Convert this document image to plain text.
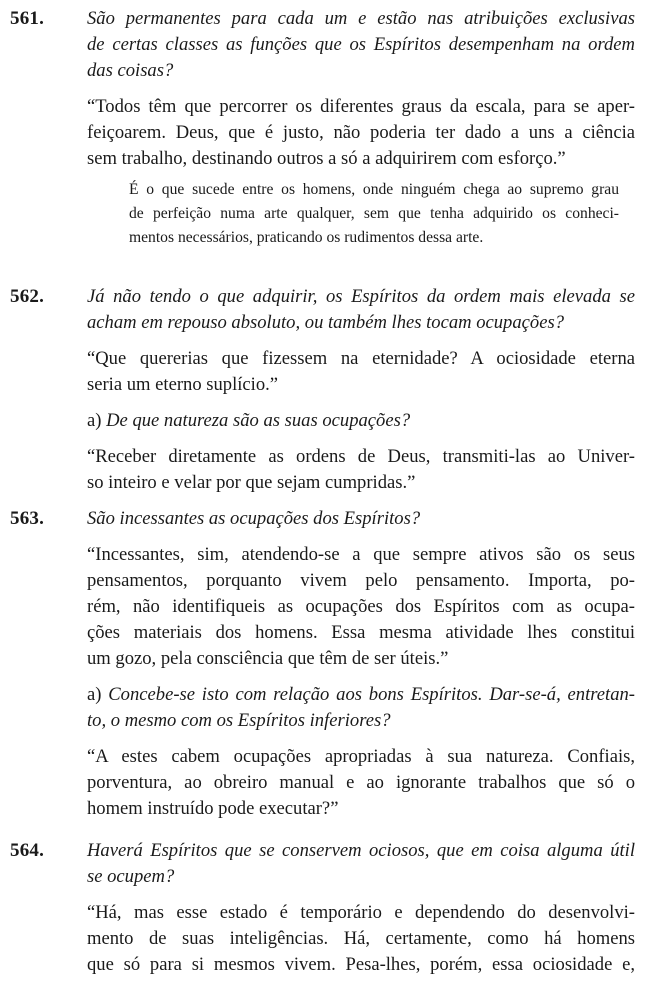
561. São permanentes para cada um e estão nas atribuições exclusivas
de certas classes as funções que os Espíritos desempenham na ordem
das coisas?
“Todos têm que percorrer os diferentes graus da escala, para se aper-
feiçoarem. Deus, que é justo, não poderia ter dado a uns a ciência
sem trabalho, destinando outros a só a adquirirem com esforço.”
É o que sucede entre os homens, onde ninguém chega ao supremo grau
de perfeição numa arte qualquer, sem que tenha adquirido os conheci-
mentos necessários, praticando os rudimentos dessa arte.
562. Já não tendo o que adquirir, os Espíritos da ordem mais elevada se
acham em repouso absoluto, ou também lhes tocam ocupações?
“Que quererias que fizessem na eternidade? A ociosidade eterna
seria um eterno suplício.”
a) De que natureza são as suas ocupações?
“Receber diretamente as ordens de Deus, transmiti-las ao Univer-
so inteiro e velar por que sejam cumpridas.”
563. São incessantes as ocupações dos Espíritos?
“Incessantes, sim, atendendo-se a que sempre ativos são os seus
pensamentos, porquanto vivem pelo pensamento. Importa, po-
rém, não identifiqueis as ocupações dos Espíritos com as ocupa-
ções materiais dos homens. Essa mesma atividade lhes constitui
um gozo, pela consciência que têm de ser úteis.”
a) Concebe-se isto com relação aos bons Espíritos. Dar-se-á, entretan-
to, o mesmo com os Espíritos inferiores?
“A estes cabem ocupações apropriadas à sua natureza. Confiais,
porventura, ao obreiro manual e ao ignorante trabalhos que só o
homem instruído pode executar?”
564. Haverá Espíritos que se conservem ociosos, que em coisa alguma útil
se ocupem?
“Há, mas esse estado é temporário e dependendo do desenvolvi-
mento de suas inteligências. Há, certamente, como há homens
que só para si mesmos vivem. Pesa-lhes, porém, essa ociosidade e,
